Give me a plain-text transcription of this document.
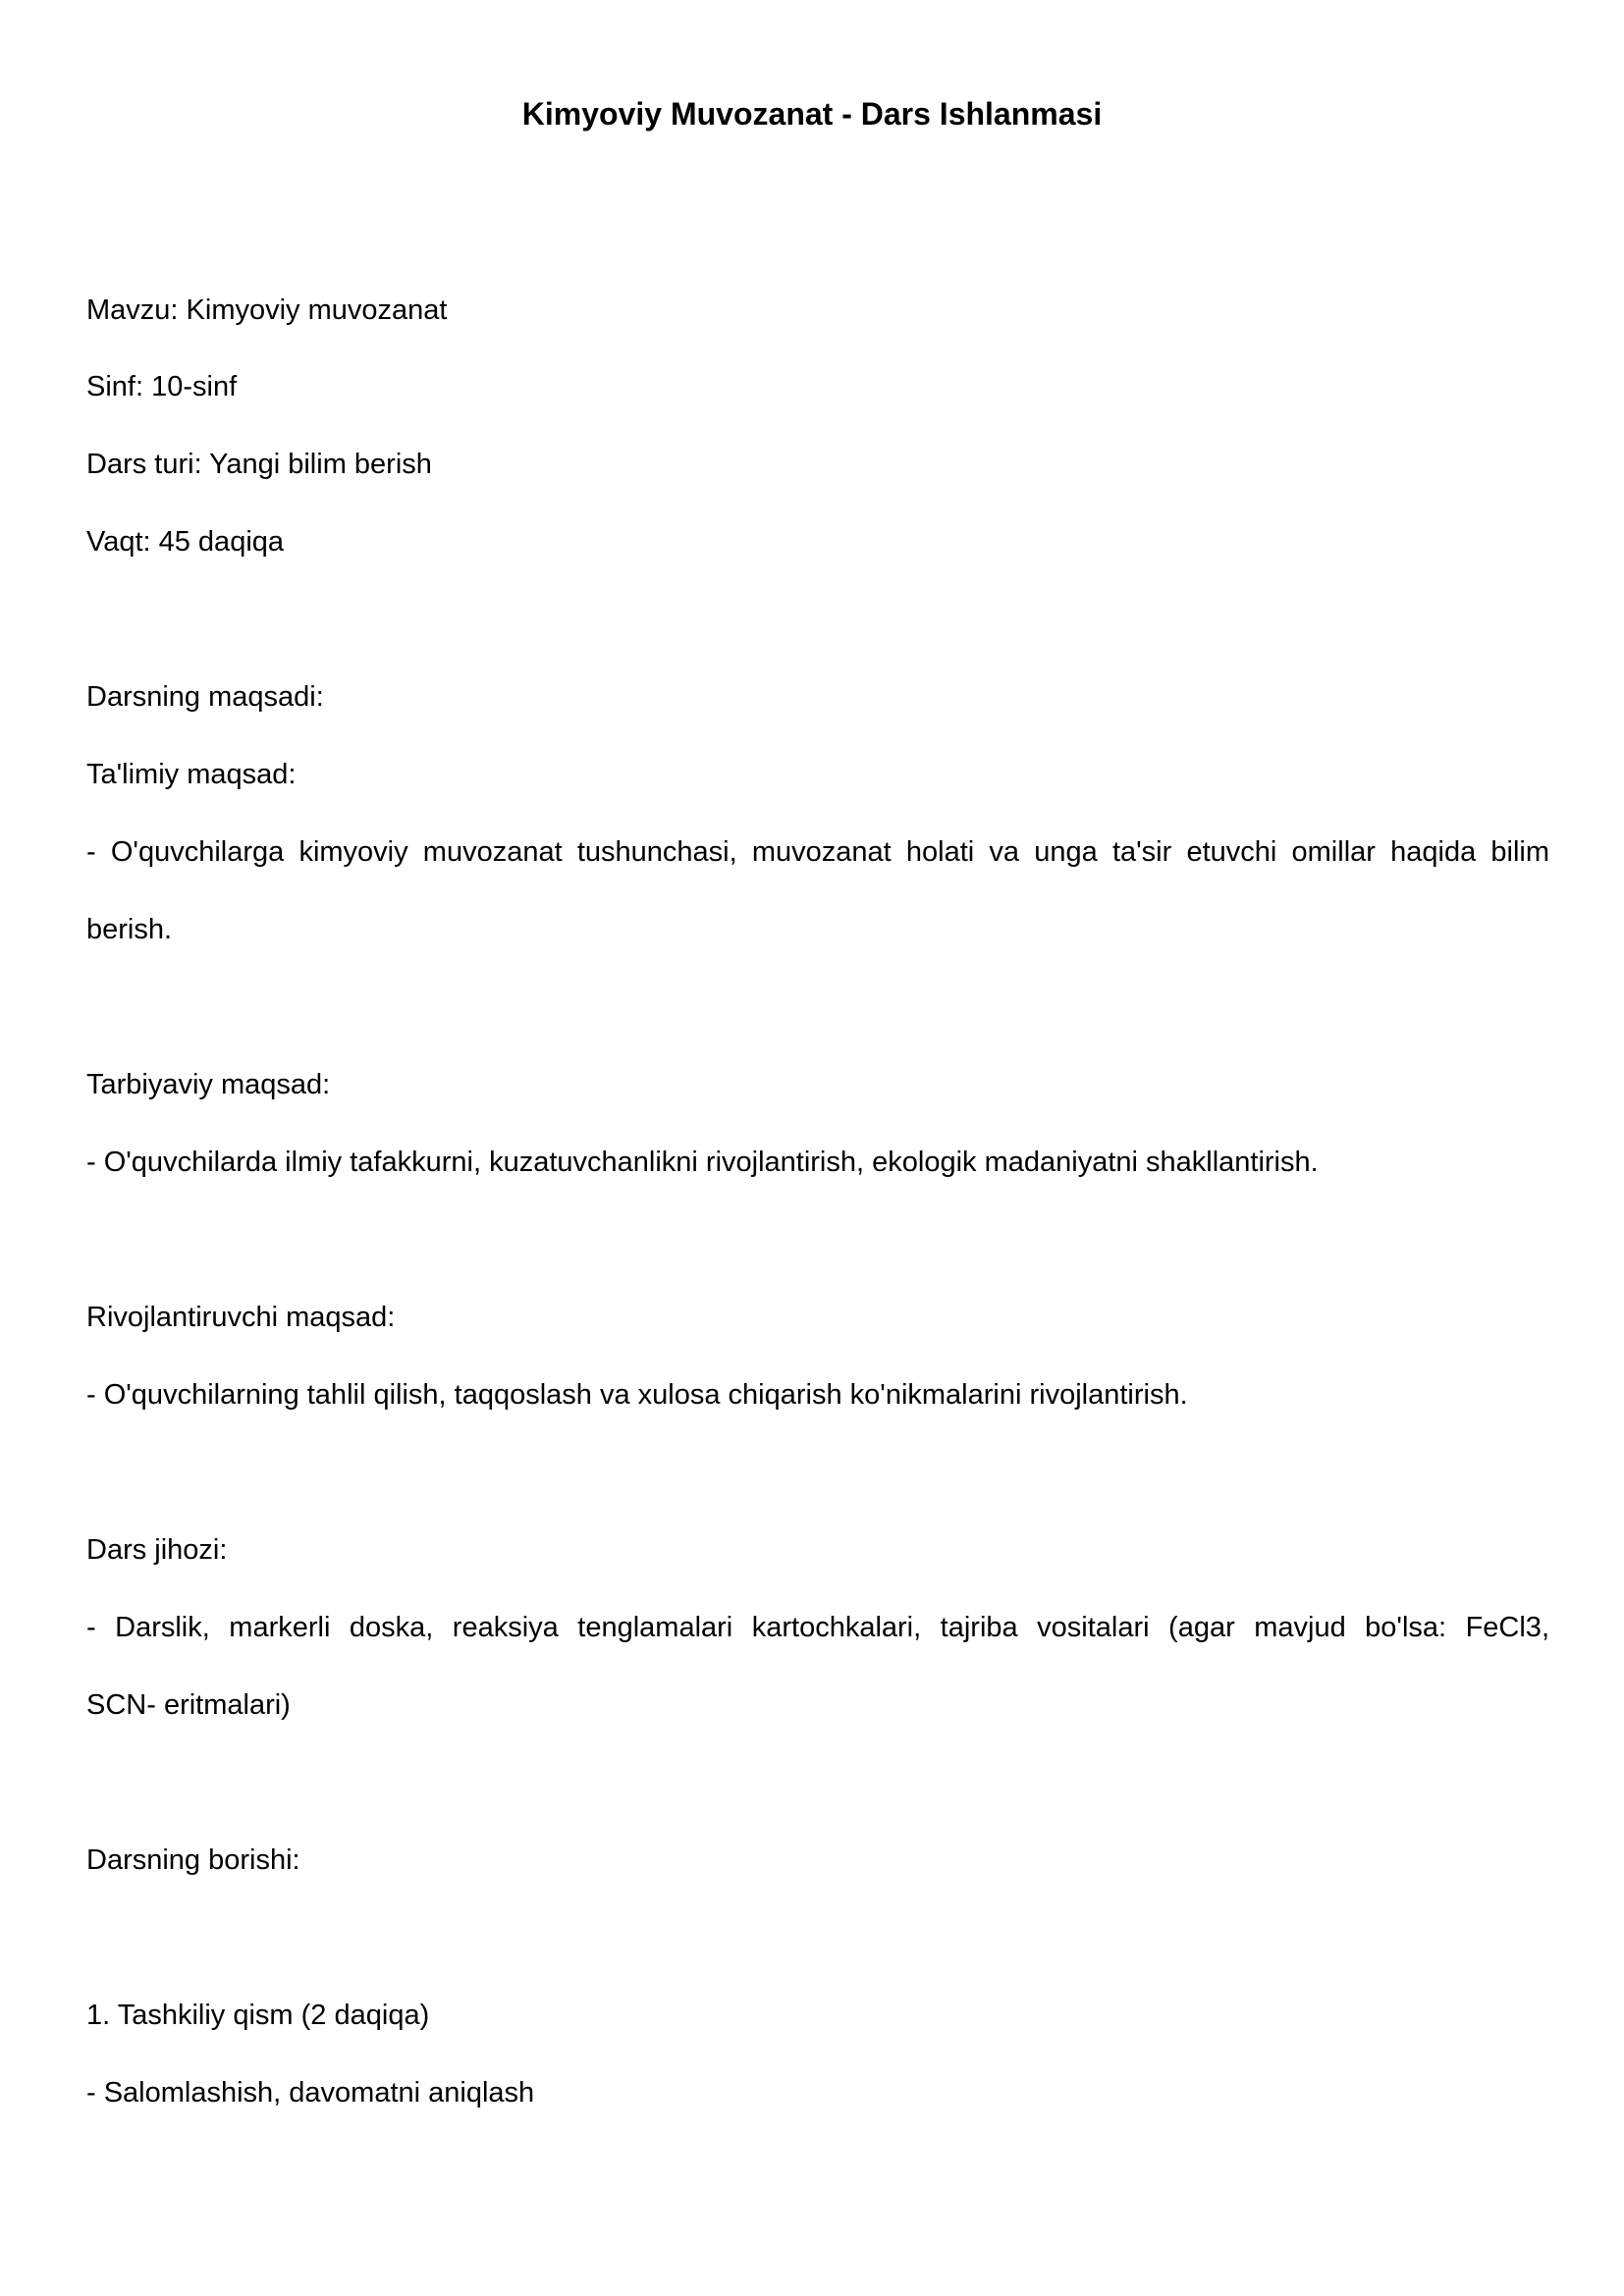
Kimyoviy Muvozanat - Dars Ishlanmasi
Mavzu: Kimyoviy muvozanat
Sinf: 10-sinf
Dars turi: Yangi bilim berish
Vaqt: 45 daqiqa
Darsning maqsadi:
Ta'limiy maqsad:
- O'quvchilarga kimyoviy muvozanat tushunchasi, muvozanat holati va unga ta'sir etuvchi omillar haqida bilim
berish.
Tarbiyaviy maqsad:
- O'quvchilarda ilmiy tafakkurni, kuzatuvchanlikni rivojlantirish, ekologik madaniyatni shakllantirish.
Rivojlantiruvchi maqsad:
- O'quvchilarning tahlil qilish, taqqoslash va xulosa chiqarish ko'nikmalarini rivojlantirish.
Dars jihozi:
- Darslik, markerli doska, reaksiya tenglamalari kartochkalari, tajriba vositalari (agar mavjud bo'lsa: FeCl3,
SCN- eritmalari)
Darsning borishi:
1. Tashkiliy qism (2 daqiqa)
- Salomlashish, davomatni aniqlash
